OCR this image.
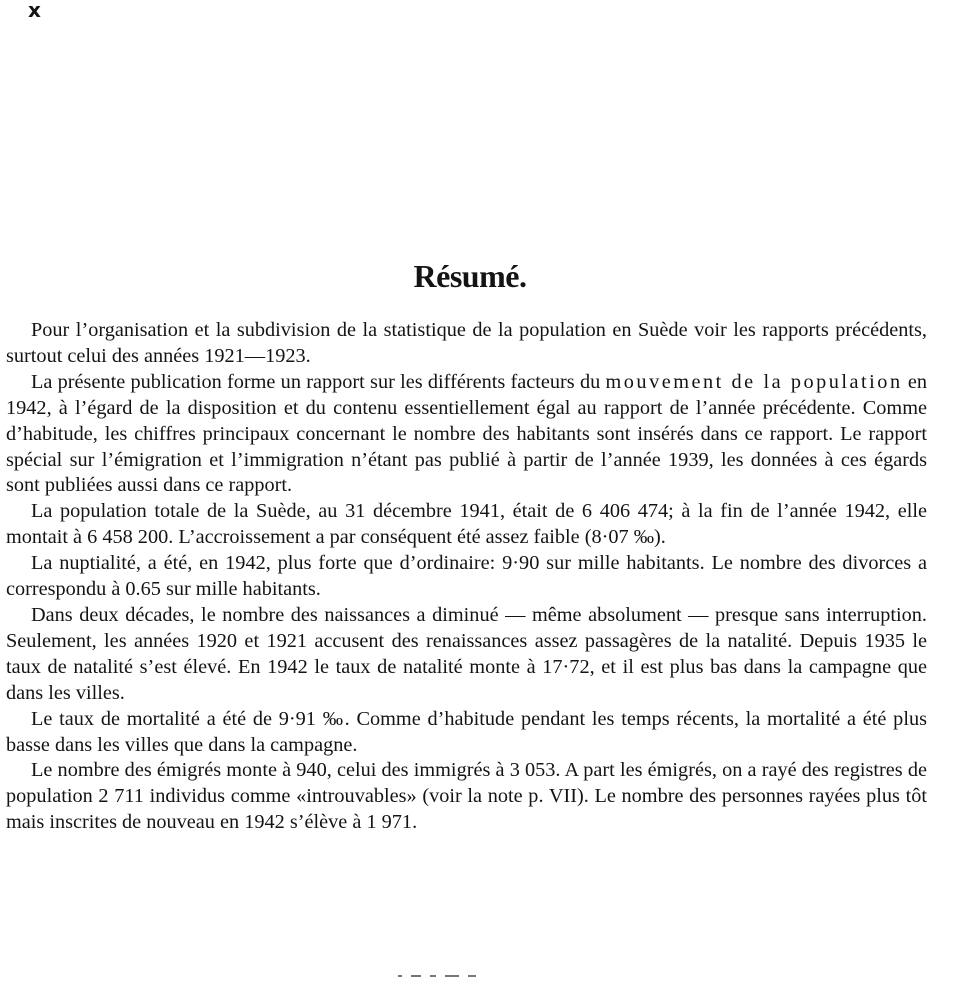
x
Résumé.

Pour l’organisation et la subdivision de la statistique de la population en Suède voir les rapports précédents, surtout celui des années 1921—1923.

La présente publication forme un rapport sur les différents facteurs du mouvement de la population en 1942, à l’égard de la disposition et du contenu essentiellement égal au rapport de l’année précédente. Comme d’habitude, les chiffres principaux concernant le nombre des habitants sont insérés dans ce rapport. Le rapport spécial sur l’émigration et l’immigration n’étant pas publié à partir de l’année 1939, les données à ces égards sont publiées aussi dans ce rapport.

La population totale de la Suède, au 31 décembre 1941, était de 6 406 474; à la fin de l’année 1942, elle montait à 6 458 200. L’accroissement a par conséquent été assez faible (8·07 ‰).

La nuptialité, a été, en 1942, plus forte que d’ordinaire: 9·90 sur mille habitants. Le nombre des divorces a correspondu à 0.65 sur mille habitants.

Dans deux décades, le nombre des naissances a diminué — même absolument — presque sans interruption. Seulement, les années 1920 et 1921 accusent des renaissances assez passagères de la natalité. Depuis 1935 le taux de natalité s’est élevé. En 1942 le taux de natalité monte à 17·72, et il est plus bas dans la campagne que dans les villes.

Le taux de mortalité a été de 9·91 ‰. Comme d’habitude pendant les temps récents, la mortalité a été plus basse dans les villes que dans la campagne.

Le nombre des émigrés monte à 940, celui des immigrés à 3 053. A part les émigrés, on a rayé des registres de population 2 711 individus comme «introuvables» (voir la note p. VII). Le nombre des personnes rayées plus tôt mais inscrites de nouveau en 1942 s’élève à 1 971.
